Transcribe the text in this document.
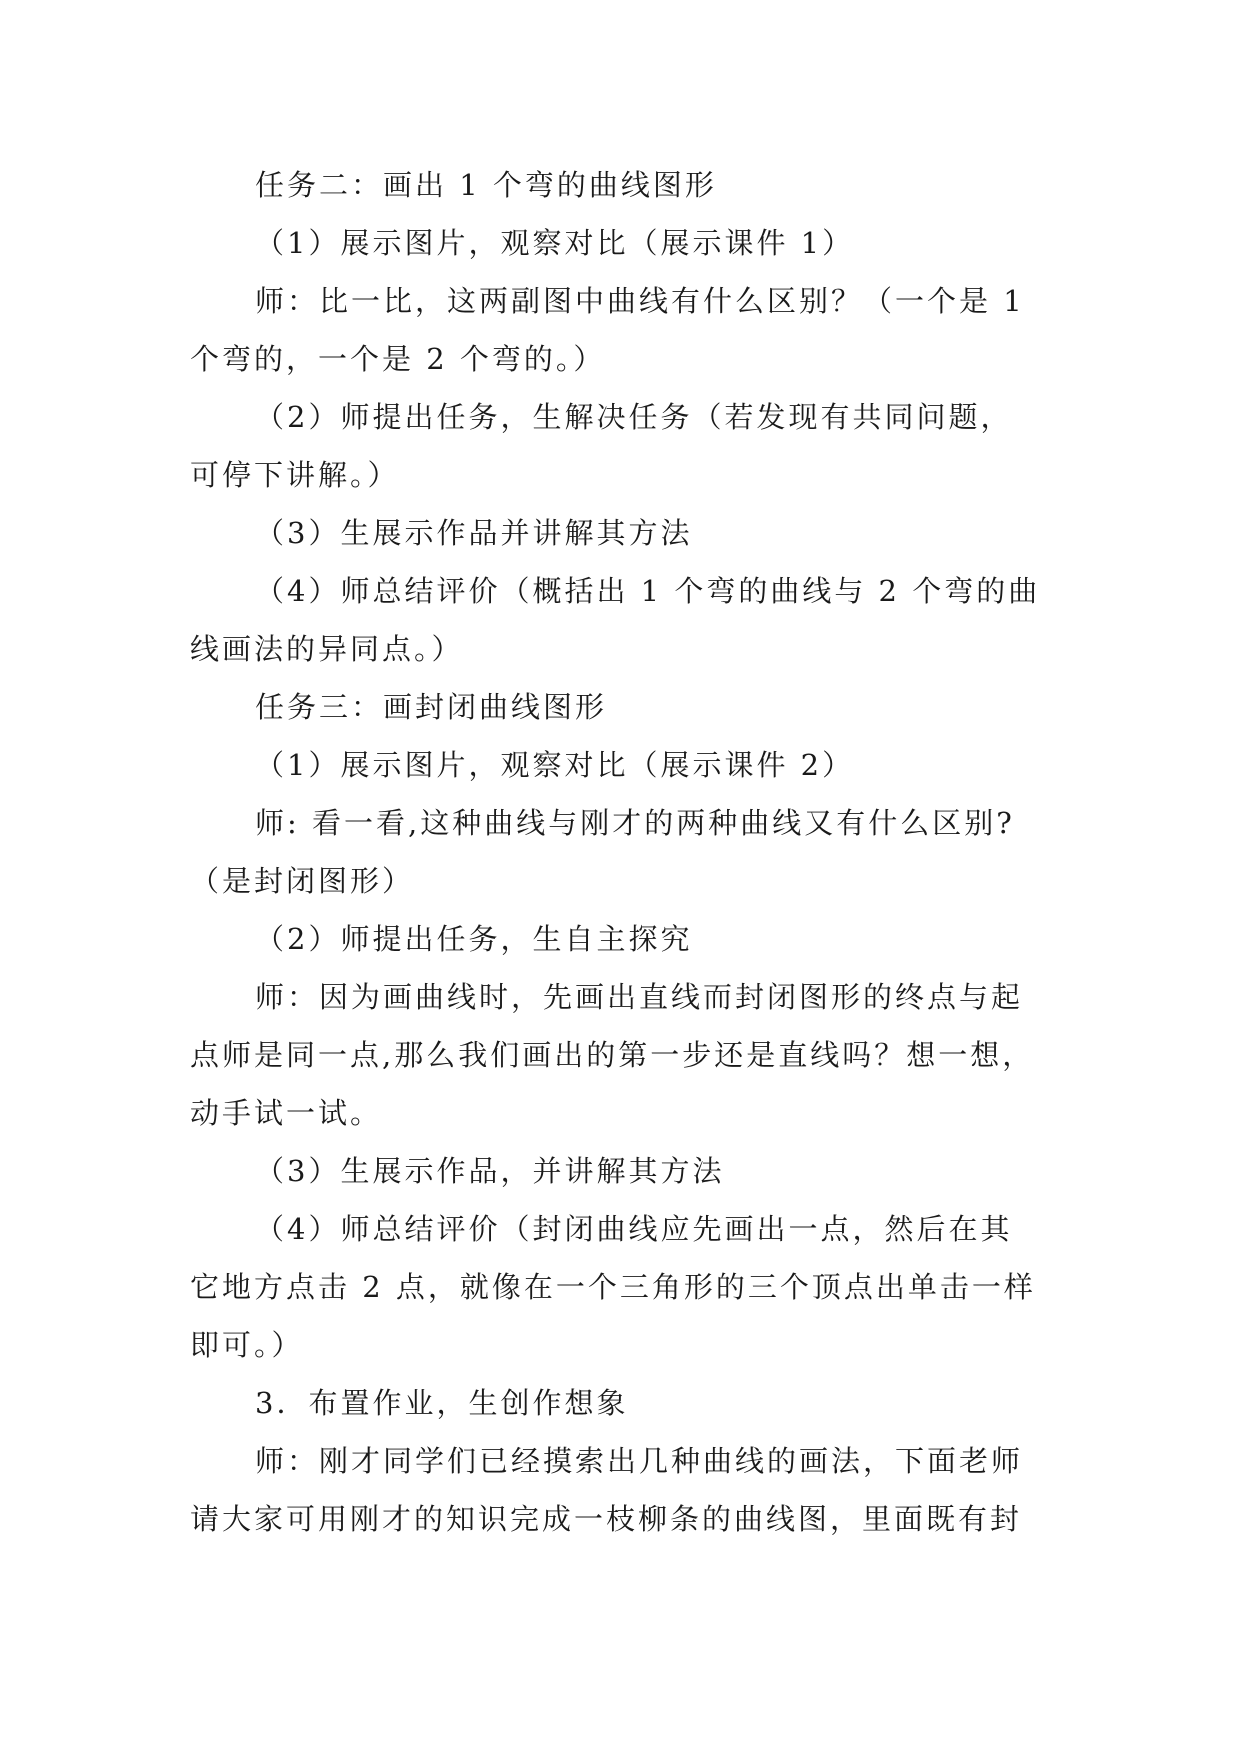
任务二：画出 1 个弯的曲线图形

（1）展示图片，观察对比（展示课件 1）

师：比一比，这两副图中曲线有什么区别？（一个是 1

个弯的，一个是 2 个弯的。）

（2）师提出任务，生解决任务（若发现有共同问题，

可停下讲解。）

（3）生展示作品并讲解其方法

（4）师总结评价（概括出 1 个弯的曲线与 2 个弯的曲

线画法的异同点。）

任务三：画封闭曲线图形

（1）展示图片，观察对比（展示课件 2）

师: 看一看,这种曲线与刚才的两种曲线又有什么区别?

（是封闭图形）

（2）师提出任务，生自主探究

师：因为画曲线时，先画出直线而封闭图形的终点与起

点师是同一点,那么我们画出的第一步还是直线吗？想一想，

动手试一试。

（3）生展示作品，并讲解其方法

（4）师总结评价（封闭曲线应先画出一点，然后在其

它地方点击 2 点，就像在一个三角形的三个顶点出单击一样

即可。）

3．布置作业，生创作想象

师：刚才同学们已经摸索出几种曲线的画法，下面老师

请大家可用刚才的知识完成一枝柳条的曲线图，里面既有封
